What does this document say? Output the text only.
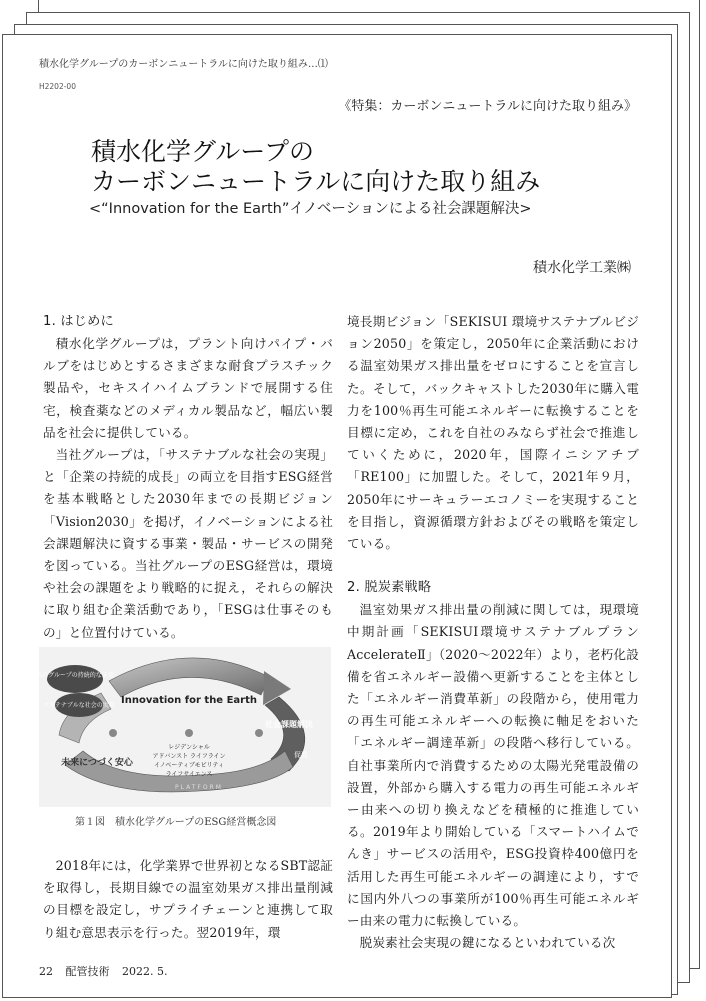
積水化学グループのカーボンニュートラルに向けた取り組み…⑴
H2202-00
《特集：カーボンニュートラルに向けた取り組み》
積水化学グループの
カーボンニュートラルに向けた取り組み
<“Innovation for the Earth”イノベーションによる社会課題解決>
積水化学工業㈱
1. はじめに

積水化学グループは，プラント向けパイプ・バルブをはじめとするさまざまな耐食プラスチック製品や，セキスイハイムブランドで展開する住宅，検査薬などのメディカル製品など，幅広い製品を社会に提供している。

当社グループは，「サステナブルな社会の実現」と「企業の持続的成長」の両立を目指すESG経営を基本戦略とした2030年までの長期ビジョン「Vision2030」を掲げ，イノベーションによる社会課題解決に資する事業・製品・サービスの開発を図っている。当社グループのESG経営は，環境や社会の課題をより戦略的に捉え，それらの解決に取り組む企業活動であり，「ESGは仕事そのもの」と位置付けている。

当社グループの持続的な成長
サステナブルな社会の実現 Innovation for the Earth
未来につづく安心
社会課題解決
促進
レジデンシャル
アドバンスト ライフライン
イノベーティブモビリティ
ライフサイエンス
PLATFORM
第１図　積水化学グループのESG経営概念図

2018年には，化学業界で世界初となるSBT認証を取得し，長期目線での温室効果ガス排出量削減の目標を設定し，サプライチェーンと連携して取り組む意思表示を行った。翌2019年，環

境長期ビジョン「SEKISUI 環境サステナブルビジョン2050」を策定し，2050年に企業活動における温室効果ガス排出量をゼロにすることを宣言した。そして，バックキャストした2030年に購入電力を100％再生可能エネルギーに転換することを目標に定め，これを自社のみならず社会で推進していくために，2020年，国際イニシアチブ「RE100」に加盟した。そして，2021年９月，2050年にサーキュラーエコノミーを実現することを目指し，資源循環方針およびその戦略を策定している。

2. 脱炭素戦略

温室効果ガス排出量の削減に関しては，現環境中期計画「SEKISUI環境サステナブルプランAccelerateⅡ」（2020〜2022年）より，老朽化設備を省エネルギー設備へ更新することを主体とした「エネルギー消費革新」の段階から，使用電力の再生可能エネルギーへの転換に軸足をおいた「エネルギー調達革新」の段階へ移行している。自社事業所内で消費するための太陽光発電設備の設置，外部から購入する電力の再生可能エネルギー由来への切り換えなどを積極的に推進している。2019年より開始している「スマートハイムでんき」サービスの活用や，ESG投資枠400億円を活用した再生可能エネルギーの調達により，すでに国内外八つの事業所が100％再生可能エネルギー由来の電力に転換している。

脱炭素社会実現の鍵になるといわれている次

22 配管技術 2022. 5.
